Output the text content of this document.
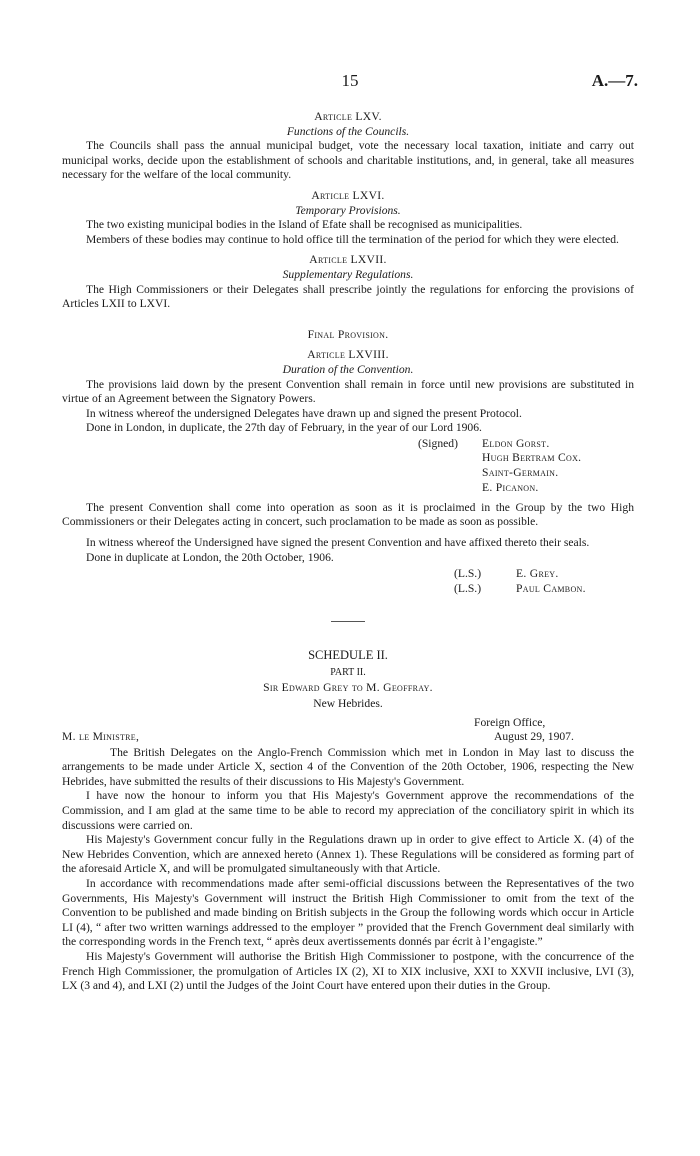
15	A.—7.
Article LXV.
Functions of the Councils.

The Councils shall pass the annual municipal budget, vote the necessary local taxation, initiate and carry out municipal works, decide upon the establishment of schools and charitable institutions, and, in general, take all measures necessary for the welfare of the local community.

Article LXVI.
Temporary Provisions.

The two existing municipal bodies in the Island of Efate shall be recognised as municipalities.

Members of these bodies may continue to hold office till the termination of the period for which they were elected.

Article LXVII.
Supplementary Regulations.

The High Commissioners or their Delegates shall prescribe jointly the regulations for enforcing the provisions of Articles LXII to LXVI.

Final Provision.
Article LXVIII.
Duration of the Convention.

The provisions laid down by the present Convention shall remain in force until new provisions are substituted in virtue of an Agreement between the Signatory Powers.

In witness whereof the undersigned Delegates have drawn up and signed the present Protocol.

Done in London, in duplicate, the 27th day of February, in the year of our Lord 1906.

(Signed) Eldon Gorst.
Hugh Bertram Cox.
Saint-Germain.
E. Picanon.

The present Convention shall come into operation as soon as it is proclaimed in the Group by the two High Commissioners or their Delegates acting in concert, such proclamation to be made as soon as possible.

In witness whereof the Undersigned have signed the present Convention and have affixed thereto their seals.

Done in duplicate at London, the 20th October, 1906.

(L.S.)
(L.S.)
E. Grey.
Paul Cambon.
SCHEDULE II.
PART II.
Sir Edward Grey to M. Geoffray.
New Hebrides.
Foreign Office,
M. le Ministre,	August 29, 1907.

The British Delegates on the Anglo-French Commission which met in London in May last to discuss the arrangements to be made under Article X, section 4 of the Convention of the 20th October, 1906, respecting the New Hebrides, have submitted the results of their discussions to His Majesty's Government.

I have now the honour to inform you that His Majesty's Government approve the recommendations of the Commission, and I am glad at the same time to be able to record my appreciation of the conciliatory spirit in which its discussions were carried on.

His Majesty's Government concur fully in the Regulations drawn up in order to give effect to Article X. (4) of the New Hebrides Convention, which are annexed hereto (Annex 1). These Regulations will be considered as forming part of the aforesaid Article X, and will be promulgated simultaneously with that Article.

In accordance with recommendations made after semi-official discussions between the Representatives of the two Governments, His Majesty's Government will instruct the British High Commissioner to omit from the text of the Convention to be published and made binding on British subjects in the Group the following words which occur in Article LI (4), “ after two written warnings addressed to the employer ” provided that the French Government deal similarly with the corresponding words in the French text, “ après deux avertissements donnés par écrit à l’engagiste.”

His Majesty's Government will authorise the British High Commissioner to postpone, with the concurrence of the French High Commissioner, the promulgation of Articles IX (2), XI to XIX inclusive, XXI to XXVII inclusive, LVI (3), LX (3 and 4), and LXI (2) until the Judges of the Joint Court have entered upon their duties in the Group.
